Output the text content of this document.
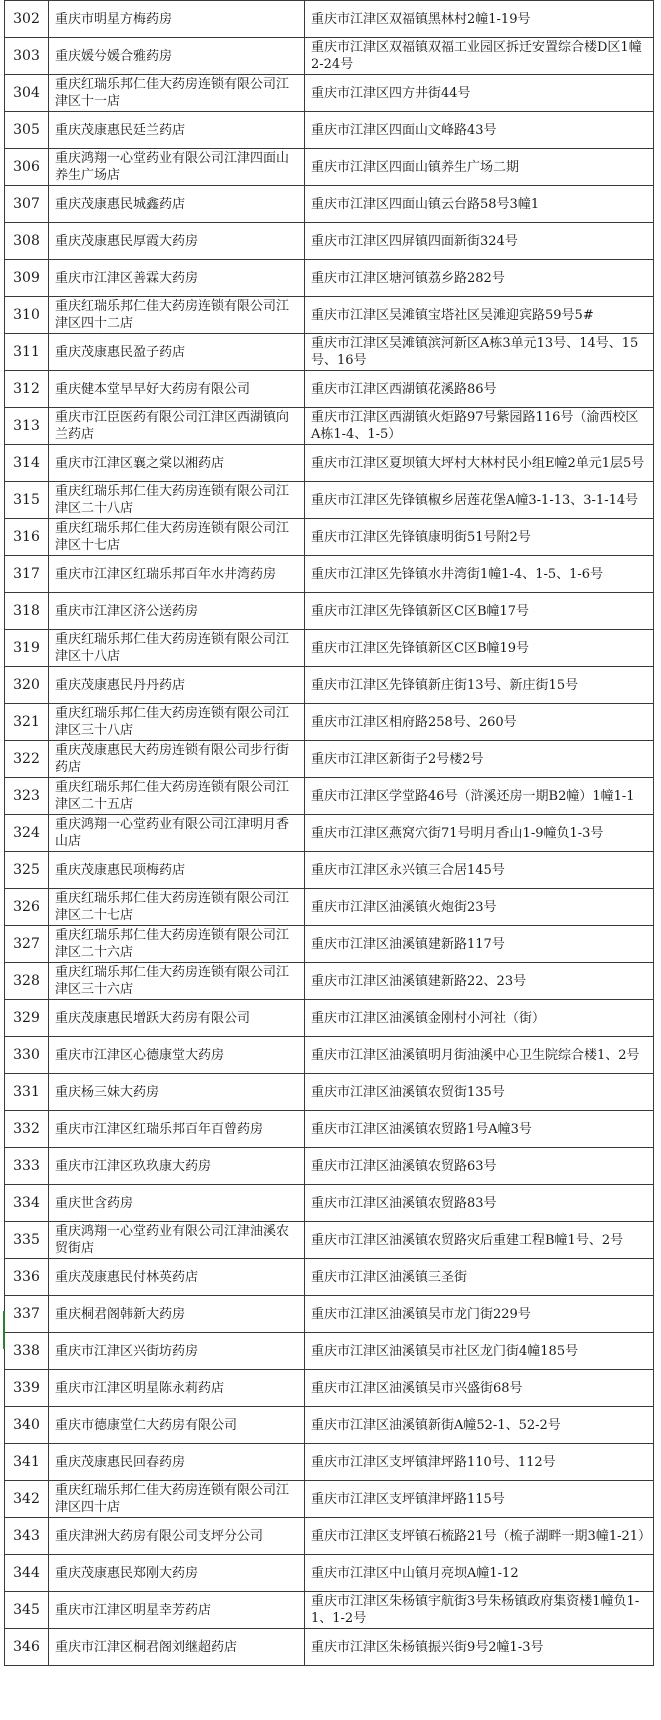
302	重庆市明星方梅药房	重庆市江津区双福镇黑林村2幢1-19号
303	重庆媛兮媛合雅药房	重庆市江津区双福镇双福工业园区拆迁安置综合楼D区1幢2-24号
304	重庆红瑞乐邦仁佳大药房连锁有限公司江津区十一店	重庆市江津区四方井街44号
305	重庆茂康惠民廷兰药店	重庆市江津区四面山文峰路43号
306	重庆鸿翔一心堂药业有限公司江津四面山养生广场店	重庆市江津区四面山镇养生广场二期
307	重庆茂康惠民城鑫药店	重庆市江津区四面山镇云台路58号3幢1
308	重庆茂康惠民厚霞大药房	重庆市江津区四屏镇四面新街324号
309	重庆市江津区善霖大药房	重庆市江津区塘河镇荔乡路282号
310	重庆红瑞乐邦仁佳大药房连锁有限公司江津区四十二店	重庆市江津区吴滩镇宝塔社区吴滩迎宾路59号5#
311	重庆茂康惠民盈子药店	重庆市江津区吴滩镇滨河新区A栋3单元13号、14号、15号、16号
312	重庆健本堂早早好大药房有限公司	重庆市江津区西湖镇花溪路86号
313	重庆市江臣医药有限公司江津区西湖镇向兰药店	重庆市江津区西湖镇火炬路97号紫园路116号（渝西校区A栋1-4、1-5）
314	重庆市江津区襄之棠以湘药店	重庆市江津区夏坝镇大坪村大林村民小组E幢2单元1层5号
315	重庆红瑞乐邦仁佳大药房连锁有限公司江津区二十八店	重庆市江津区先锋镇椒乡居莲花堡A幢3-1-13、3-1-14号
316	重庆红瑞乐邦仁佳大药房连锁有限公司江津区十七店	重庆市江津区先锋镇康明街51号附2号
317	重庆市江津区红瑞乐邦百年水井湾药房	重庆市江津区先锋镇水井湾街1幢1-4、1-5、1-6号
318	重庆市江津区济公送药房	重庆市江津区先锋镇新区C区B幢17号
319	重庆红瑞乐邦仁佳大药房连锁有限公司江津区十八店	重庆市江津区先锋镇新区C区B幢19号
320	重庆茂康惠民丹丹药店	重庆市江津区先锋镇新庄街13号、新庄街15号
321	重庆红瑞乐邦仁佳大药房连锁有限公司江津区三十八店	重庆市江津区相府路258号、260号
322	重庆茂康惠民大药房连锁有限公司步行街药店	重庆市江津区新街子2号楼2号
323	重庆红瑞乐邦仁佳大药房连锁有限公司江津区二十五店	重庆市江津区学堂路46号（浒溪还房一期B2幢）1幢1-1
324	重庆鸿翔一心堂药业有限公司江津明月香山店	重庆市江津区燕窝穴街71号明月香山1-9幢负1-3号
325	重庆茂康惠民项梅药店	重庆市江津区永兴镇三合居145号
326	重庆红瑞乐邦仁佳大药房连锁有限公司江津区二十七店	重庆市江津区油溪镇火炮街23号
327	重庆红瑞乐邦仁佳大药房连锁有限公司江津区二十六店	重庆市江津区油溪镇建新路117号
328	重庆红瑞乐邦仁佳大药房连锁有限公司江津区三十六店	重庆市江津区油溪镇建新路22、23号
329	重庆茂康惠民增跃大药房有限公司	重庆市江津区油溪镇金刚村小河社（街）
330	重庆市江津区心德康堂大药房	重庆市江津区油溪镇明月街油溪中心卫生院综合楼1、2号
331	重庆杨三妹大药房	重庆市江津区油溪镇农贸街135号
332	重庆市江津区红瑞乐邦百年百曾药房	重庆市江津区油溪镇农贸路1号A幢3号
333	重庆市江津区玖玖康大药房	重庆市江津区油溪镇农贸路63号
334	重庆世含药房	重庆市江津区油溪镇农贸路83号
335	重庆鸿翔一心堂药业有限公司江津油溪农贸街店	重庆市江津区油溪镇农贸路灾后重建工程B幢1号、2号
336	重庆茂康惠民付林英药店	重庆市江津区油溪镇三圣街
337	重庆桐君阁韩新大药房	重庆市江津区油溪镇吴市龙门街229号
338	重庆市江津区兴街坊药房	重庆市江津区油溪镇吴市社区龙门街4幢185号
339	重庆市江津区明星陈永莉药店	重庆市江津区油溪镇吴市兴盛街68号
340	重庆市德康堂仁大药房有限公司	重庆市江津区油溪镇新街A幢52-1、52-2号
341	重庆茂康惠民回春药房	重庆市江津区支坪镇津坪路110号、112号
342	重庆红瑞乐邦仁佳大药房连锁有限公司江津区四十店	重庆市江津区支坪镇津坪路115号
343	重庆津洲大药房有限公司支坪分公司	重庆市江津区支坪镇石梳路21号（梳子湖畔一期3幢1-21）
344	重庆茂康惠民郑刚大药房	重庆市江津区中山镇月亮坝A幢1-12
345	重庆市江津区明星幸芳药店	重庆市江津区朱杨镇宇航街3号朱杨镇政府集资楼1幢负1-1、1-2号
346	重庆市江津区桐君阁刘继超药店	重庆市江津区朱杨镇振兴街9号2幢1-3号
